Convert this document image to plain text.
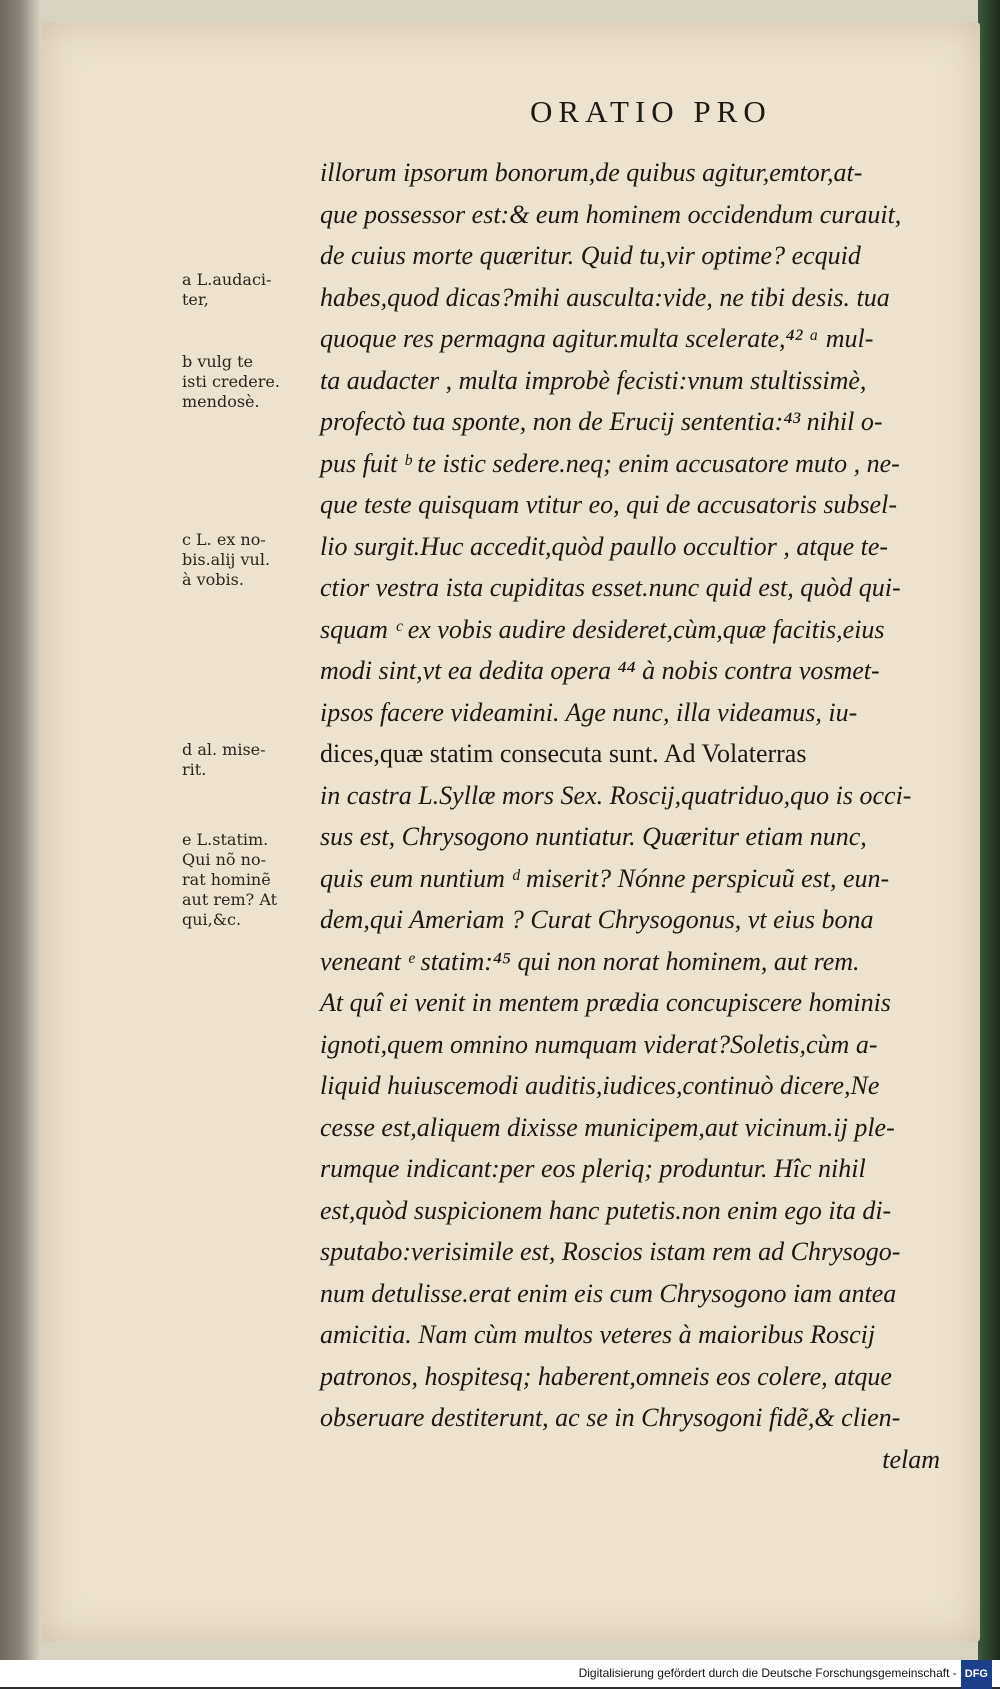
ORATIO PRO
a L.audaci-
ter,
b vulg te
isti credere.
mendosè.
c L. ex no-
bis.alij vul.
à vobis.
d al. mise-
rit.
e L.statim.
Qui nõ no-
rat hominẽ
aut rem? At
qui,&c.
illorum ipsorum bonorum,de quibus agitur,emtor,at-
que possessor est:& eum hominem occidendum curauit,
de cuius morte quæritur. Quid tu,vir optime? ecquid
habes,quod dicas?mihi ausculta:vide, ne tibi desis. tua
quoque res permagna agitur.multa scelerate,⁴² ᵃ mul-
ta audacter , multa improbè fecisti:vnum stultissimè,
profectò tua sponte, non de Erucij sententia:⁴³ nihil o-
pus fuit ᵇ te istic sedere.neq; enim accusatore muto , ne-
que teste quisquam vtitur eo, qui de accusatoris subsel-
lio surgit.Huc accedit,quòd paullo occultior , atque te-
ctior vestra ista cupiditas esset.nunc quid est, quòd qui-
squam ᶜ ex vobis audire desideret,cùm,quæ facitis,eius
modi sint,vt ea dedita opera ⁴⁴ à nobis contra vosmet-
ipsos facere videamini. Age nunc, illa videamus, iu-
dices,quæ statim consecuta sunt. Ad Volaterras
in castra L.Syllæ mors Sex. Roscij,quatriduo,quo is occi-
sus est, Chrysogono nuntiatur. Quæritur etiam nunc,
quis eum nuntium ᵈ miserit? Nónne perspicuũ est, eun-
dem,qui Ameriam ? Curat Chrysogonus, vt eius bona
veneant ᵉ statim:⁴⁵ qui non norat hominem, aut rem.
At quî ei venit in mentem prædia concupiscere hominis
ignoti,quem omnino numquam viderat?Soletis,cùm a-
liquid huiuscemodi auditis,iudices,continuò dicere,Ne
cesse est,aliquem dixisse municipem,aut vicinum.ij ple-
rumque indicant:per eos pleriq; produntur. Hîc nihil
est,quòd suspicionem hanc putetis.non enim ego ita di-
sputabo:verisimile est, Roscios istam rem ad Chrysogo-
num detulisse.erat enim eis cum Chrysogono iam antea
amicitia. Nam cùm multos veteres à maioribus Roscij
patronos, hospitesq; haberent,omneis eos colere, atque
obseruare destiterunt, ac se in Chrysogoni fidẽ,& clien-
telam
Digitalisierung gefördert durch die Deutsche Forschungsgemeinschaft - DFG
